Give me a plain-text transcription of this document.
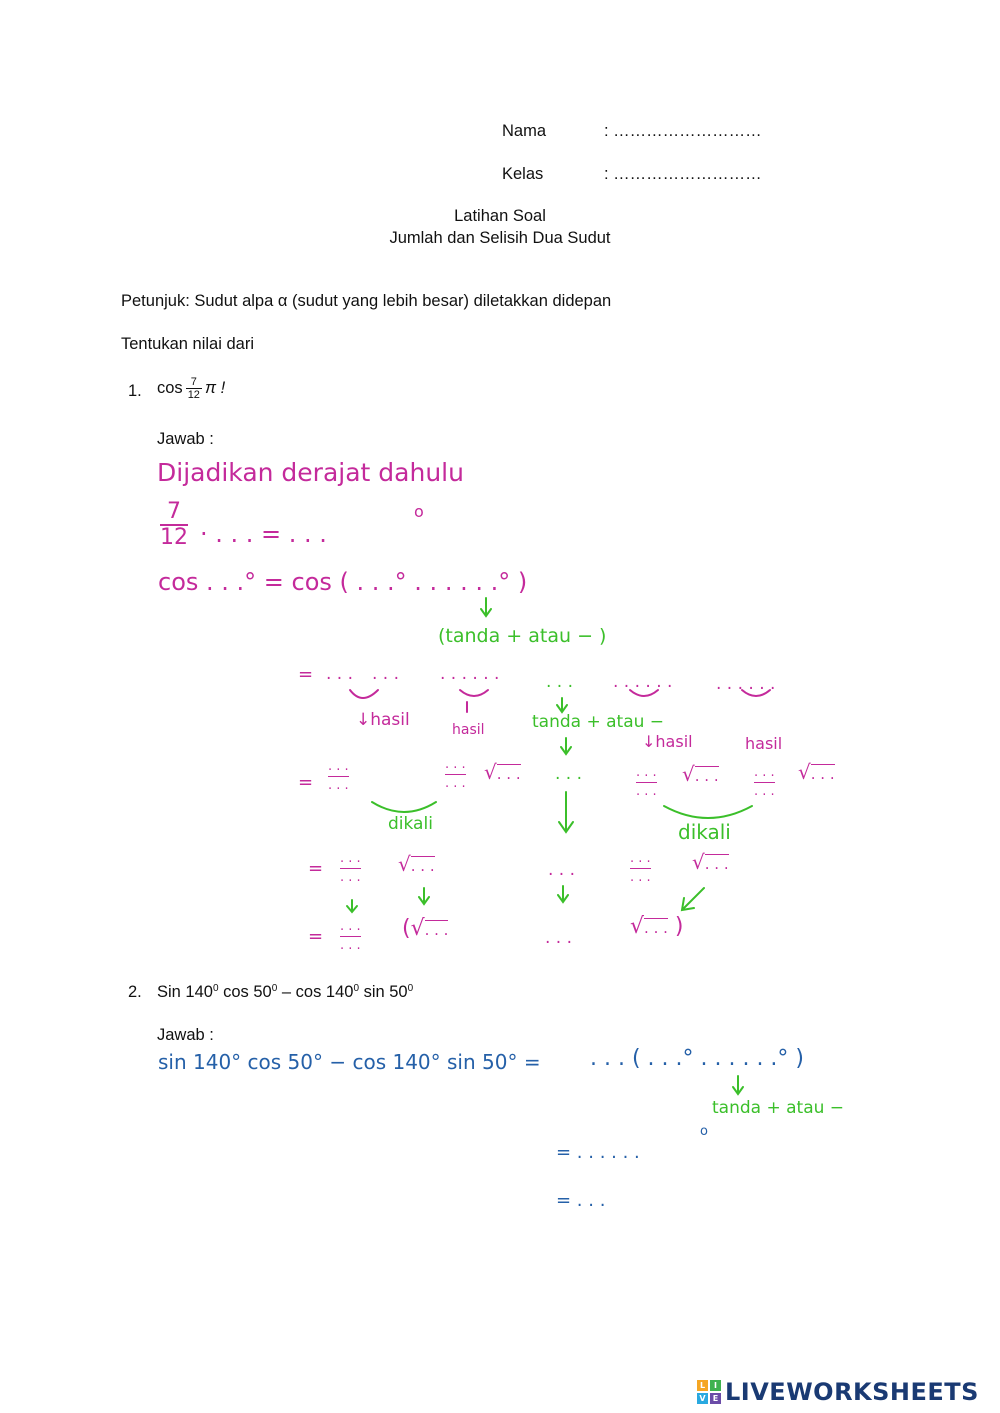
Nama	: ………………………
Kelas	: ………………………
Latihan Soal
Jumlah dan Selisih Dua Sudut
Petunjuk: Sudut alpa α (sudut yang lebih besar) diletakkan didepan
Tentukan nilai dari
1. $\cos \frac{7}{12}$ π !
Jawab :
Dijadikan derajat dahulu
$\frac{7}{12}$ · . . . = . . .
o
cos . . .° = cos ( . . .° . . . . . .° )
(tanda + atau − )
= . . . . . . . . . . . .	. . . . . . . . .	. . . . . .
↓hasil	hasil	tanda + atau −
↓hasil	hasil
=
. . .
. . .
. . .
. . . √. . . . . .	. . .
. . .
√. . .	. . .
. . .
√. . .
dikali	dikali
= . . .
. . .
√. . .	. . .
. . .
. . .
√. . .
= . . .
. . .
(√. . .	. . .	√. . . )
2. Sin $140^0$ $\cos 50^0$ – $\cos 140^0$ $\sin 50^0$
Jawab :
sin 140° cos 50° − cos 140° sin 50° = . . . ( . . .° . . . . . .° )
tanda + atau −
o
= . . . . . .
= . . .
L	I
V E LIVEWORKSHEETS
